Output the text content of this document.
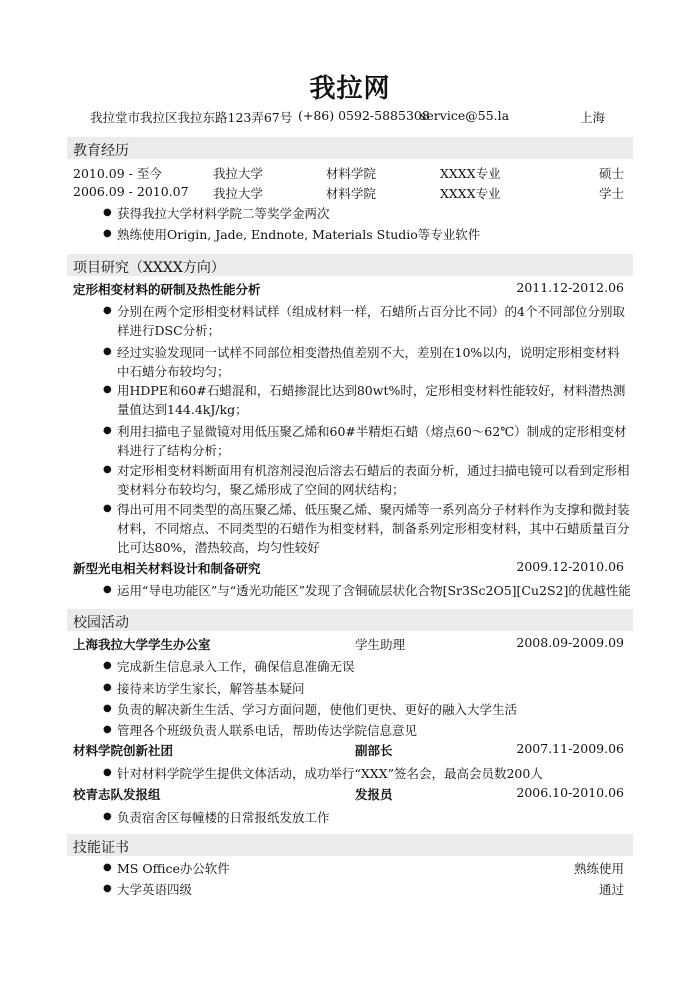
我拉网
我拉堂市我拉区我拉东路123弄67号 (+86) 0592-5885308
service@55.la	上海
教育经历
2010.09 - 至今	我拉大学	材料学院	XXXX专业	硕士
2006.09 - 2010.07 我拉大学	材料学院	XXXX专业	学士
● 获得我拉大学材料学院二等奖学金两次
● 熟练使用Origin, Jade, Endnote, Materials Studio等专业软件
项目研究（XXXX方向）
定形相变材料的研制及热性能分析	2011.12-2012.06
● 分别在两个定形相变材料试样（组成材料一样，石蜡所占百分比不同）的4个不同部位分别取样进行DSC分析；
● 经过实验发现同一试样不同部位相变潜热值差别不大，差别在10%以内，说明定形相变材料中石蜡分布较均匀；
● 用HDPE和60#石蜡混和，石蜡掺混比达到80wt%时，定形相变材料性能较好，材料潜热测量值达到144.4kJ/kg；
● 利用扫描电子显微镜对用低压聚乙烯和60#半精炬石蜡（熔点60～62℃）制成的定形相变材料进行了结构分析；
● 对定形相变材料断面用有机溶剂浸泡后溶去石蜡后的表面分析，通过扫描电镜可以看到定形相变材料分布较均匀，聚乙烯形成了空间的网状结构；
● 得出可用不同类型的高压聚乙烯、低压聚乙烯、聚丙烯等一系列高分子材料作为支撑和微封装材料，不同熔点、不同类型的石蜡作为相变材料，制备系列定形相变材料，其中石蜡质量百分比可达80%，潜热较高，均匀性较好
新型光电相关材料设计和制备研究	2009.12-2010.06
● 运用“导电功能区”与“透光功能区”发现了含铜硫层状化合物[Sr3Sc2O5][Cu2S2]的优越性能
校园活动
上海我拉大学学生办公室	学生助理	2008.09-2009.09
● 完成新生信息录入工作，确保信息准确无误
● 接待来访学生家长，解答基本疑问
● 负责的解决新生生活、学习方面问题，使他们更快、更好的融入大学生活
● 管理各个班级负责人联系电话，帮助传达学院信息意见
材料学院创新社团	副部长	2007.11-2009.06
● 针对材料学院学生提供文体活动，成功举行“XXX”签名会，最高会员数200人
校青志队发报组	发报员	2006.10-2010.06
● 负责宿舍区每幢楼的日常报纸发放工作
技能证书
● MS Office办公软件	熟练使用
● 大学英语四级	通过
